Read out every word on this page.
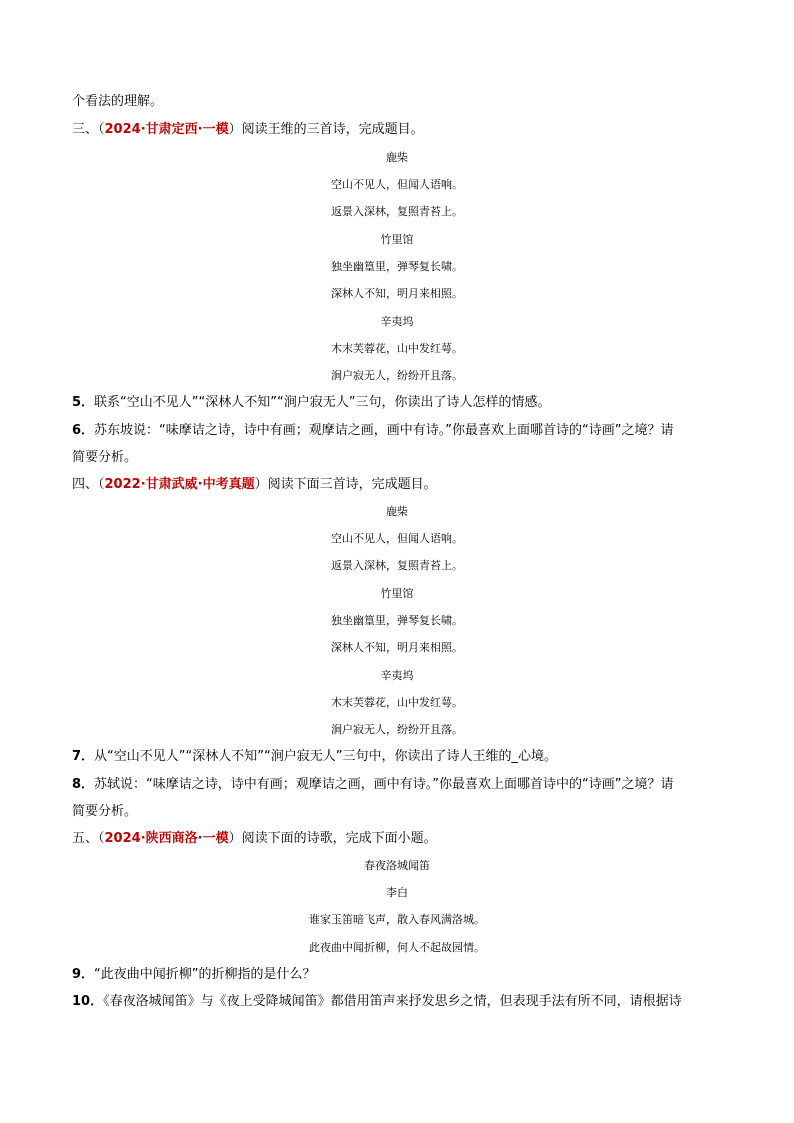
个看法的理解。
三、（2024·甘肃定西·一模）阅读王维的三首诗，完成题目。
鹿柴
空山不见人，但闻人语响。
返景入深林，复照青苔上。
竹里馆
独坐幽篁里，弹琴复长啸。
深林人不知，明月来相照。
辛夷坞
木末芙蓉花，山中发红萼。
涧户寂无人，纷纷开且落。
5．联系“空山不见人”“深林人不知”“涧户寂无人”三句，你读出了诗人怎样的情感。
6．苏东坡说：“味摩诘之诗，诗中有画；观摩诘之画，画中有诗。”你最喜欢上面哪首诗的“诗画”之境？请
简要分析。
四、（2022·甘肃武威·中考真题）阅读下面三首诗，完成题目。
鹿柴
空山不见人，但闻人语响。
返景入深林，复照青苔上。
竹里馆
独坐幽篁里，弹琴复长啸。
深林人不知，明月来相照。
辛夷坞
木末芙蓉花，山中发红萼。
涧户寂无人，纷纷开且落。
7．从“空山不见人”“深林人不知”“涧户寂无人”三句中，你读出了诗人王维的_心境。
8．苏轼说：“味摩诘之诗，诗中有画；观摩诘之画，画中有诗。”你最喜欢上面哪首诗中的“诗画”之境？请
简要分析。
五、（2024·陕西商洛·一模）阅读下面的诗歌，完成下面小题。
春夜洛城闻笛
李白
谁家玉笛暗飞声，散入春风满洛城。
此夜曲中闻折柳，何人不起故园情。
9．“此夜曲中闻折柳”的折柳指的是什么？
10．《春夜洛城闻笛》与《夜上受降城闻笛》都借用笛声来抒发思乡之情，但表现手法有所不同，请根据诗
